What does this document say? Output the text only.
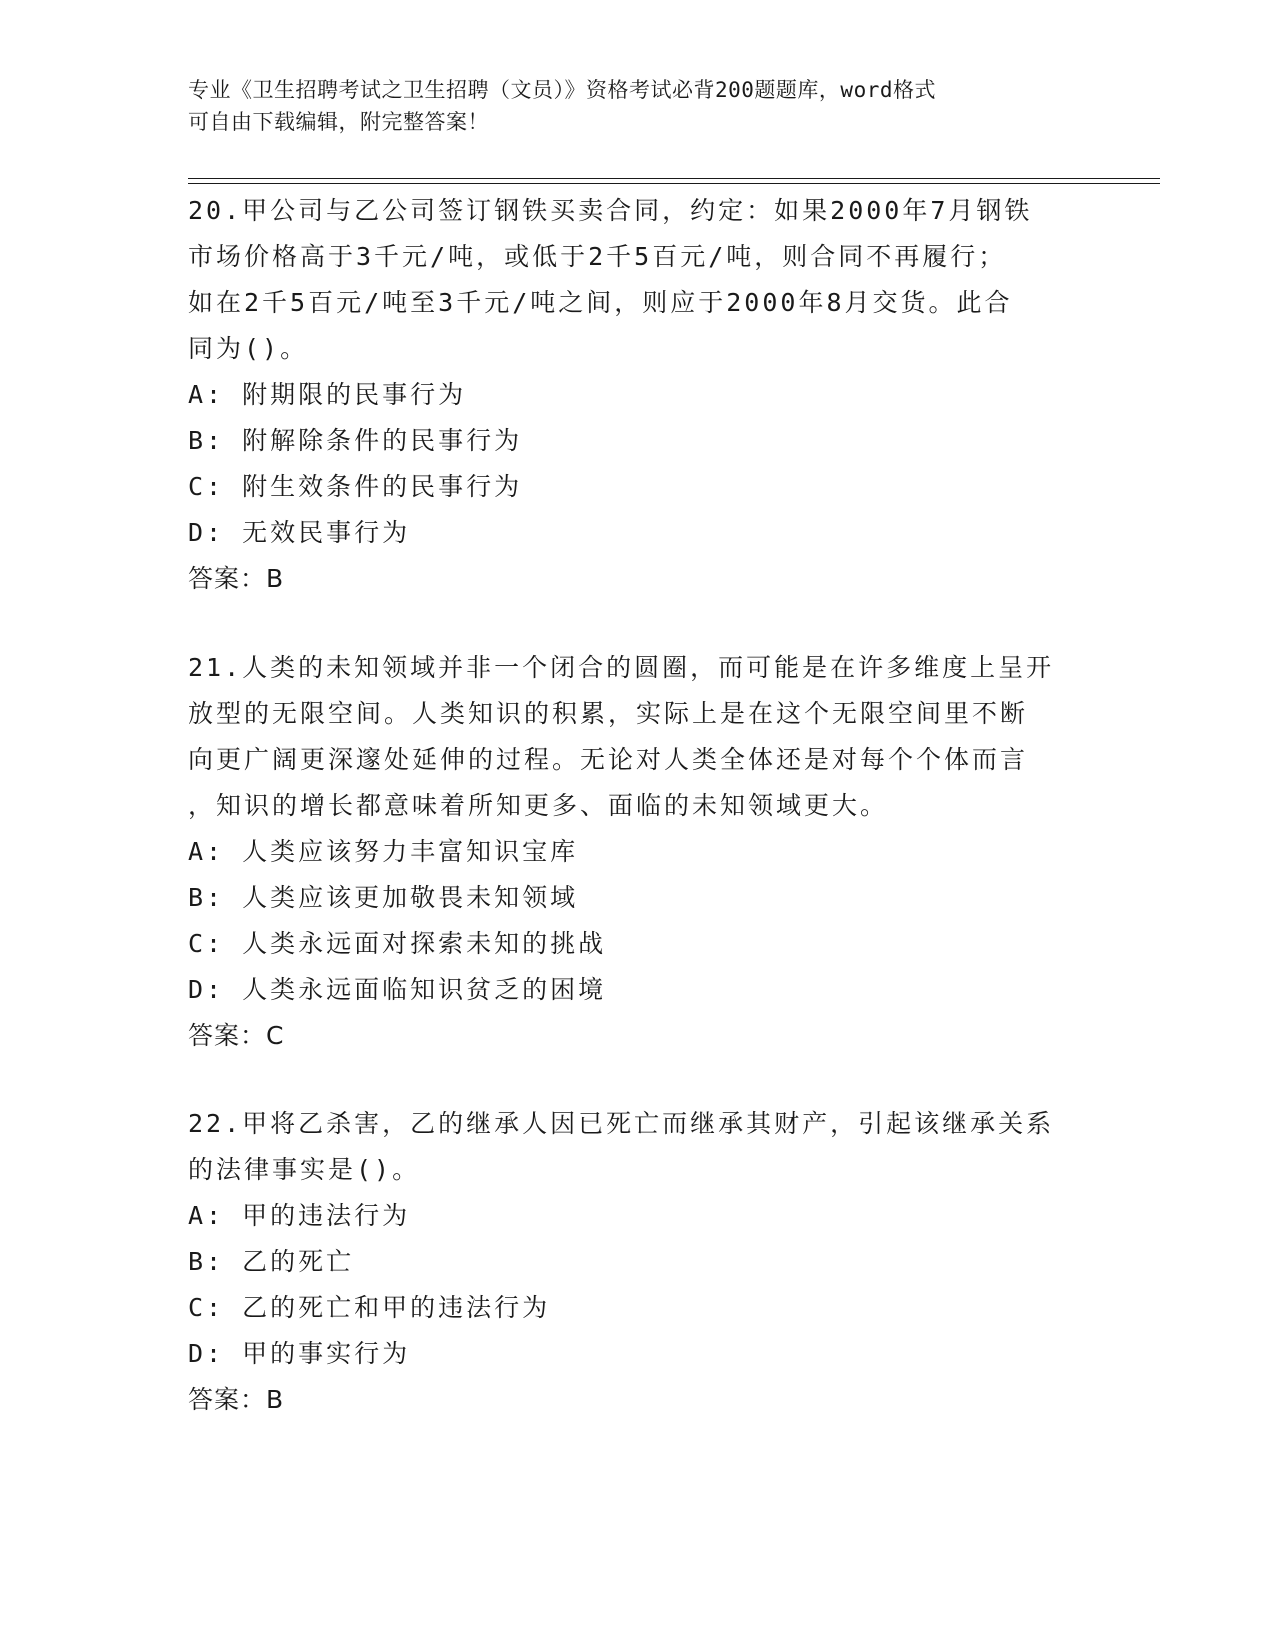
专业《卫生招聘考试之卫生招聘（文员）》资格考试必背200题题库，word格式
可自由下载编辑，附完整答案！
20.甲公司与乙公司签订钢铁买卖合同，约定：如果2000年7月钢铁
市场价格高于3千元/吨，或低于2千5百元/吨，则合同不再履行；
如在2千5百元/吨至3千元/吨之间，则应于2000年8月交货。此合
同为()。
A: 附期限的民事行为
B: 附解除条件的民事行为
C: 附生效条件的民事行为
D: 无效民事行为
答案：B
21.人类的未知领域并非一个闭合的圆圈，而可能是在许多维度上呈开
放型的无限空间。人类知识的积累，实际上是在这个无限空间里不断
向更广阔更深邃处延伸的过程。无论对人类全体还是对每个个体而言
，知识的增长都意味着所知更多、面临的未知领域更大。
A: 人类应该努力丰富知识宝库
B: 人类应该更加敬畏未知领域
C: 人类永远面对探索未知的挑战
D: 人类永远面临知识贫乏的困境
答案：C
22.甲将乙杀害，乙的继承人因已死亡而继承其财产，引起该继承关系
的法律事实是()。
A: 甲的违法行为
B: 乙的死亡
C: 乙的死亡和甲的违法行为
D: 甲的事实行为
答案：B
